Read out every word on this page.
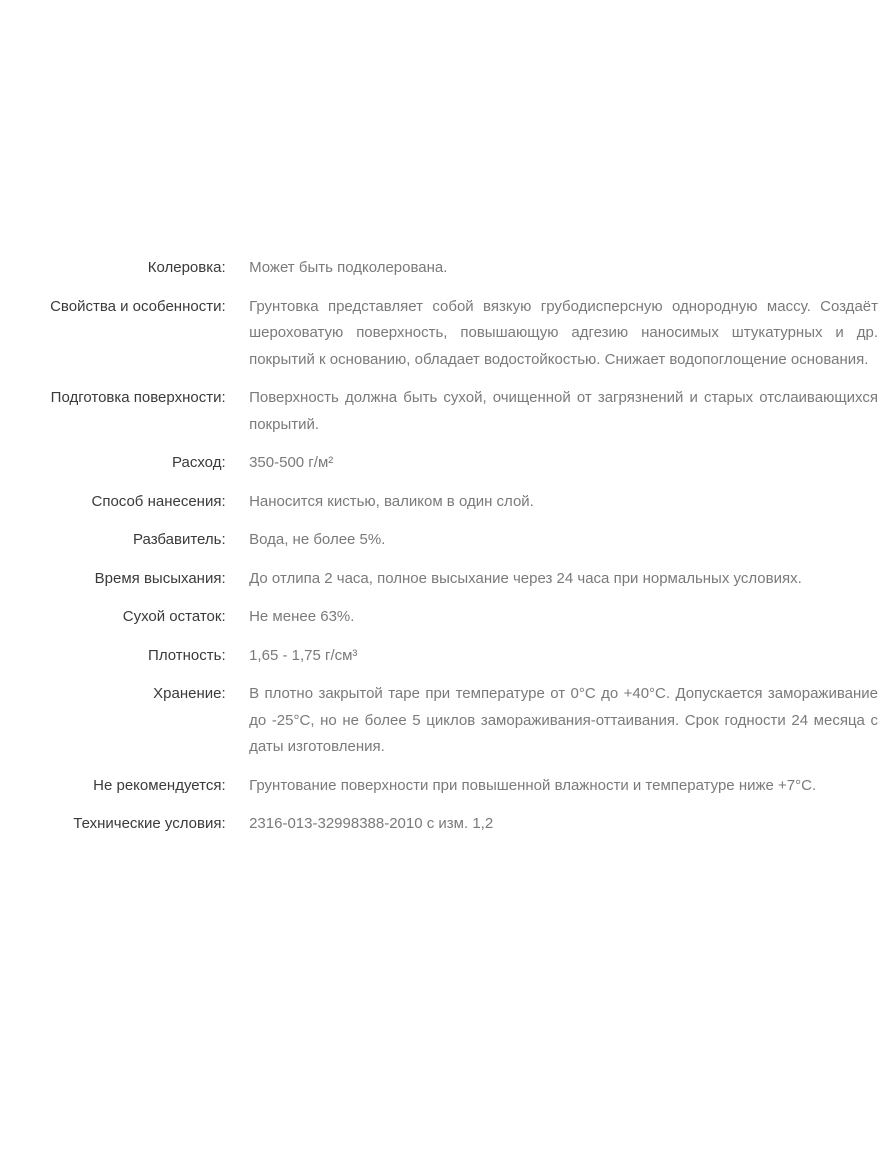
Колеровка:		Может быть подколерована.
Свойства и особенности:		Грунтовка представляет собой вязкую грубодисперсную однородную массу. Создаёт шероховатую поверхность, повышающую адгезию наносимых штукатурных и др. покрытий к основанию, обладает водостойкостью. Снижает водопоглощение основания.
Подготовка поверхности:		Поверхность должна быть сухой, очищенной от загрязнений и старых отслаивающихся покрытий.
Расход:		350-500 г/м²
Способ нанесения:		Наносится кистью, валиком в один слой.
Разбавитель:		Вода, не более 5%.
Время высыхания:		До отлипа 2 часа, полное высыхание через 24 часа при нормальных условиях.
Сухой остаток:		Не менее 63%.
Плотность:		1,65 - 1,75 г/см³
Хранение:		В плотно закрытой таре при температуре от 0°С до +40°С. Допускается замораживание до -25°С, но не более 5 циклов замораживания-оттаивания. Срок годности 24 месяца с даты изготовления.
Не рекомендуется:		Грунтование поверхности при повышенной влажности и температуре ниже +7°С.
Технические условия:		2316-013-32998388-2010 с изм. 1,2
